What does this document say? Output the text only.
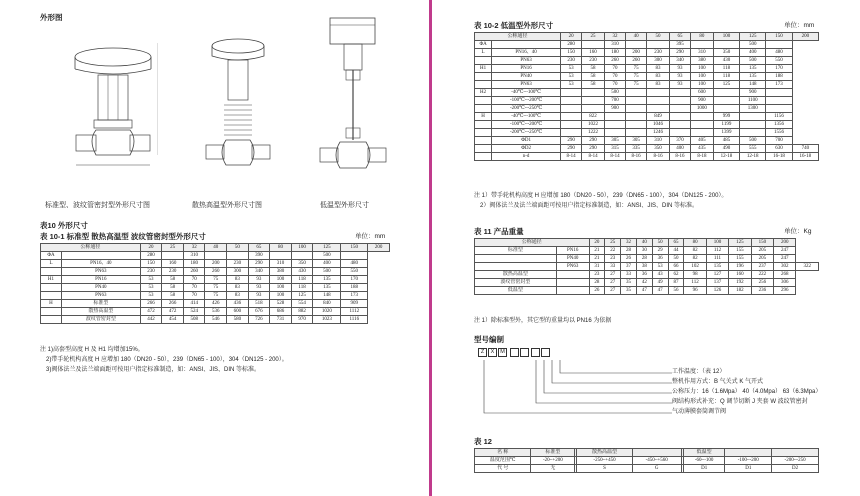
外形图
标准型、波纹管密封型外形尺寸图	散热高温型外形尺寸图	低温型外形尺寸
表10 外形尺寸
表 10-1 标准型 散热高温型 波纹管密封型外形尺寸	单位：mm
公称通径		20	25	32	40	50	65	80	100	125	150	200
ΦA		280		310			390			500		
L	PN16、40	150	160	180	200	230	290	310	350	400	480	
	PN63	230	230	260	260	300	340	380	430	500	550	
H1	PN16	53	58	70	75	83	93	100	118	135	170	
	PN40	53	58	70	75	83	93	100	118	135	188	
	PN63	53	58	70	75	83	93	100	125	148	173	
H	标准型	266	266	414	426	436	518	528	554	840	909	
	散热高温型	472	472	524	536	600	676	686	882	1020	1112	
	波纹管密封型	442	454	508	546	580	726	731	970	1023	1116	
注 1)高套型高度 H 及 H1 均增加15%。
2)带手轮机构高度 H 应增加 180（DN20 - 50），239（DN65 - 100），304（DN125 - 200）。
3)阀体法兰及法兰端面距可按用户指定标准制造，如：ANSI、JIS、DIN 等标准。
表 10-2 低温型外形尺寸	单位：mm
公称通径		20	25	32	40	50	65	80	100	125	150	200
ΦA		280		310			395			500		
L	PN16、40	150	160	180	200	230	290	310	350	400	480	
	PN63	230	230	260	260	300	340	380	430	500	550	
H1	PN16	53	58	70	75	83	93	100	118	135	170	
	PN40	53	58	70	75	83	93	100	118	135	188	
	PN63	53	58	70	75	83	93	100	125	148	173	
H2	-40℃~-100℃			500				600		900		
	-100℃~-200℃			700				900		1100		
	-200℃~-250℃			900				1000		1300		
H	-40℃~-100℃		822			849			999		1156	
	-100℃~-200℃		1022			1046			1199		1356	
	-200℃~-250℃		1222			1246			1399		1556	
	ΦD1	290	290	305	305	310	370	405	485	500	700	
	ΦD2	290	290	315	335	350	400	435	490	555	630	740
	n-d	8-14	8-14	8-14	8-16	8-16	8-16	8-18	12-18	12-18	16-18	16-18
注 1）带手轮机构高度 H 应增加 180（DN20 - 50），239（DN65 - 100），304（DN125 - 200）。
2）阀体法兰及法兰端面距可按用户指定标准制造，如：ANSI、JIS、DIN 等标准。
表 11 产品重量	单位：Kg
公称通径		20	25	32	40	50	65	80	100	125	150	200	
标准型	PN16	21	22	28	30	29	44	82	112	155	205	247	
	PN40	21	23	26	28	36	50	82	111	155	205	247	
	PN63	31	33	37	38	53	66	102	135	196	237	302	322
散热高温型		23	27	33	36	43	62	98	127	160	222	268	
波纹管密封型		28	27	35	42	49	87	112	137	192	256	306	
低温型		26	27	35	47	47	56	96	126	182	236	296	
注 1）除标准型外，其它型的重量均以 PN16 为依据
型号编制
Z X M
工作温度：（表 12）
整机作用方式：B 气关式 K 气开式
公称压力：16（1.6Mpa） 40（4.0Mpa） 63（6.3Mpa）
阀结构形式补充：Q 调节切断 J 夹套 W 波纹管密封
气动薄膜套筒调节阀
表 12
名 称	标准型		散热高温型			低温型		
温度范围℃	-20~+200		-250~+450	-450~+560		-60~-100	-100~-200	-200~-250
代 号	无		S	G		D1	D1	D2
